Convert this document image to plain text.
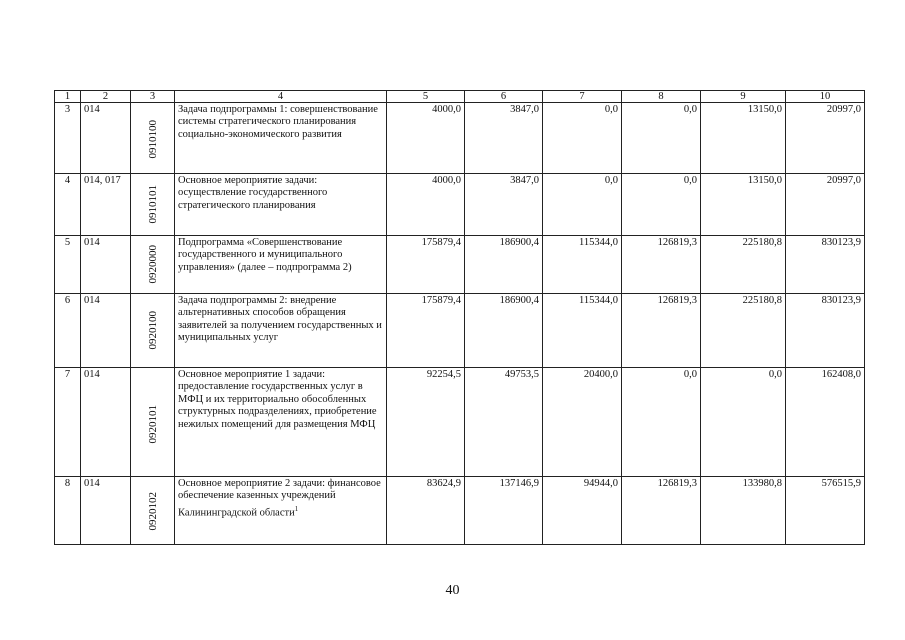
1	2	3	4	5	6	7	8	9	10
3	014	0910100	Задача подпрограммы 1: совершенствование системы стратегического планирования социально-экономического развития	4000,0	3847,0	0,0	0,0	13150,0	20997,0
4	014, 017	0910101	Основное мероприятие задачи: осуществление государственного стратегического планирования	4000,0	3847,0	0,0	0,0	13150,0	20997,0
5	014	0920000	Подпрограмма «Совершенствование государственного и муниципального управления» (далее – подпрограмма 2)	175879,4	186900,4	115344,0	126819,3	225180,8	830123,9
6	014	0920100	Задача подпрограммы 2: внедрение альтернативных способов обращения заявителей за получением государственных и муниципальных услуг	175879,4	186900,4	115344,0	126819,3	225180,8	830123,9
7	014	0920101	Основное мероприятие 1 задачи: предоставление государственных услуг в МФЦ и их территориально обособленных структурных подразделениях, приобретение нежилых помещений для размещения МФЦ	92254,5	49753,5	20400,0	0,0	0,0	162408,0
8	014	0920102	Основное мероприятие 2 задачи: финансовое обеспечение казенных учреждений Калининградской области$^1$	83624,9	137146,9	94944,0	126819,3	133980,8	576515,9
40
